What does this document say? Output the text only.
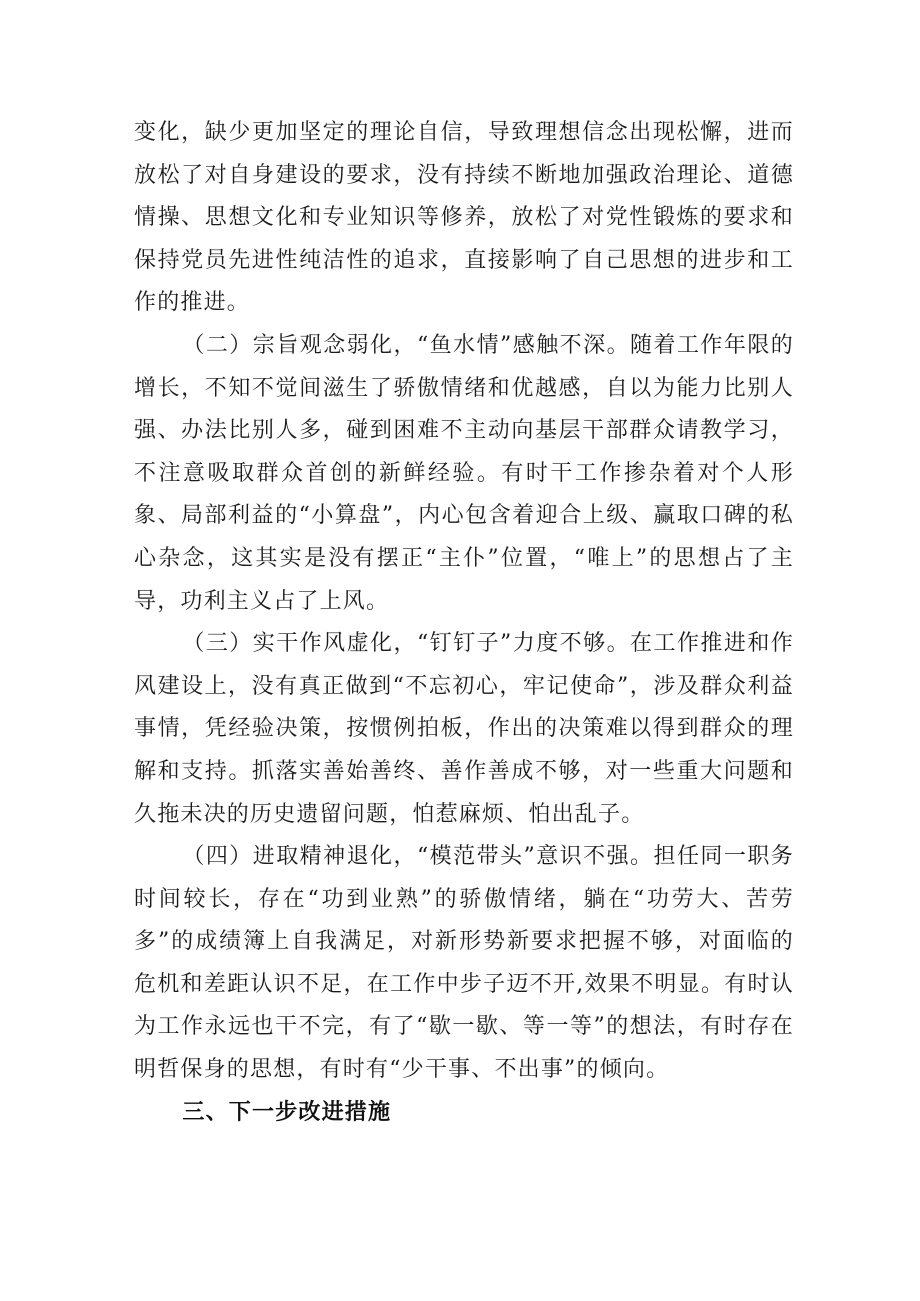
变化，缺少更加坚定的理论自信，导致理想信念出现松懈，进而放松了对自身建设的要求，没有持续不断地加强政治理论、道德情操、思想文化和专业知识等修养，放松了对党性锻炼的要求和保持党员先进性纯洁性的追求，直接影响了自己思想的进步和工作的推进。

（二）宗旨观念弱化，“鱼水情”感触不深。随着工作年限的增长，不知不觉间滋生了骄傲情绪和优越感，自以为能力比别人强、办法比别人多，碰到困难不主动向基层干部群众请教学习，不注意吸取群众首创的新鲜经验。有时干工作掺杂着对个人形象、局部利益的“小算盘”，内心包含着迎合上级、赢取口碑的私心杂念，这其实是没有摆正“主仆”位置，“唯上”的思想占了主导，功利主义占了上风。

（三）实干作风虚化，“钉钉子”力度不够。在工作推进和作风建设上，没有真正做到“不忘初心，牢记使命”，涉及群众利益事情，凭经验决策，按惯例拍板，作出的决策难以得到群众的理解和支持。抓落实善始善终、善作善成不够，对一些重大问题和久拖未决的历史遗留问题，怕惹麻烦、怕出乱子。

（四）进取精神退化，“模范带头”意识不强。担任同一职务时间较长，存在“功到业熟”的骄傲情绪，躺在“功劳大、苦劳多”的成绩簿上自我满足，对新形势新要求把握不够，对面临的危机和差距认识不足，在工作中步子迈不开,效果不明显。有时认为工作永远也干不完，有了“歇一歇、等一等”的想法，有时存在明哲保身的思想，有时有“少干事、不出事”的倾向。

三、下一步改进措施
